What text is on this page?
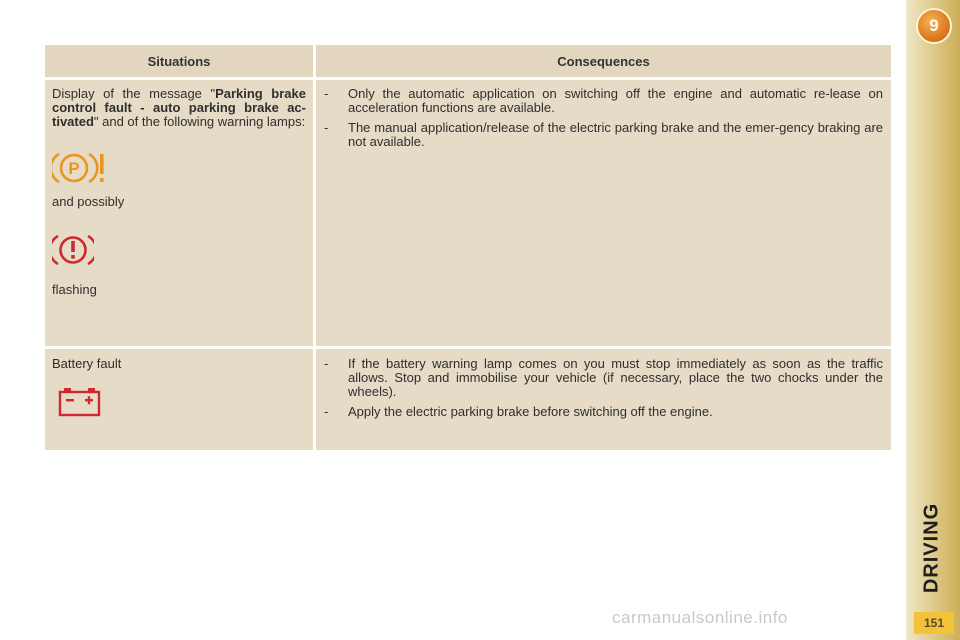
Situations	Consequences
Display of the message "Parking brake control fault - auto parking brake ac-tivated" and of the following warning lamps:
P
and possibly
flashing
-	Only the automatic application on switching off the engine and automatic re-lease on acceleration functions are available.
-	The manual application/release of the electric parking brake and the emer-gency braking are not available.
Battery fault	-	If the battery warning lamp comes on you must stop immediately as soon as the traffic allows. Stop and immobilise your vehicle (if necessary, place the two chocks under the wheels).
-	Apply the electric parking brake before switching off the engine.
9
DRIVING
carmanualsonline.info	151
